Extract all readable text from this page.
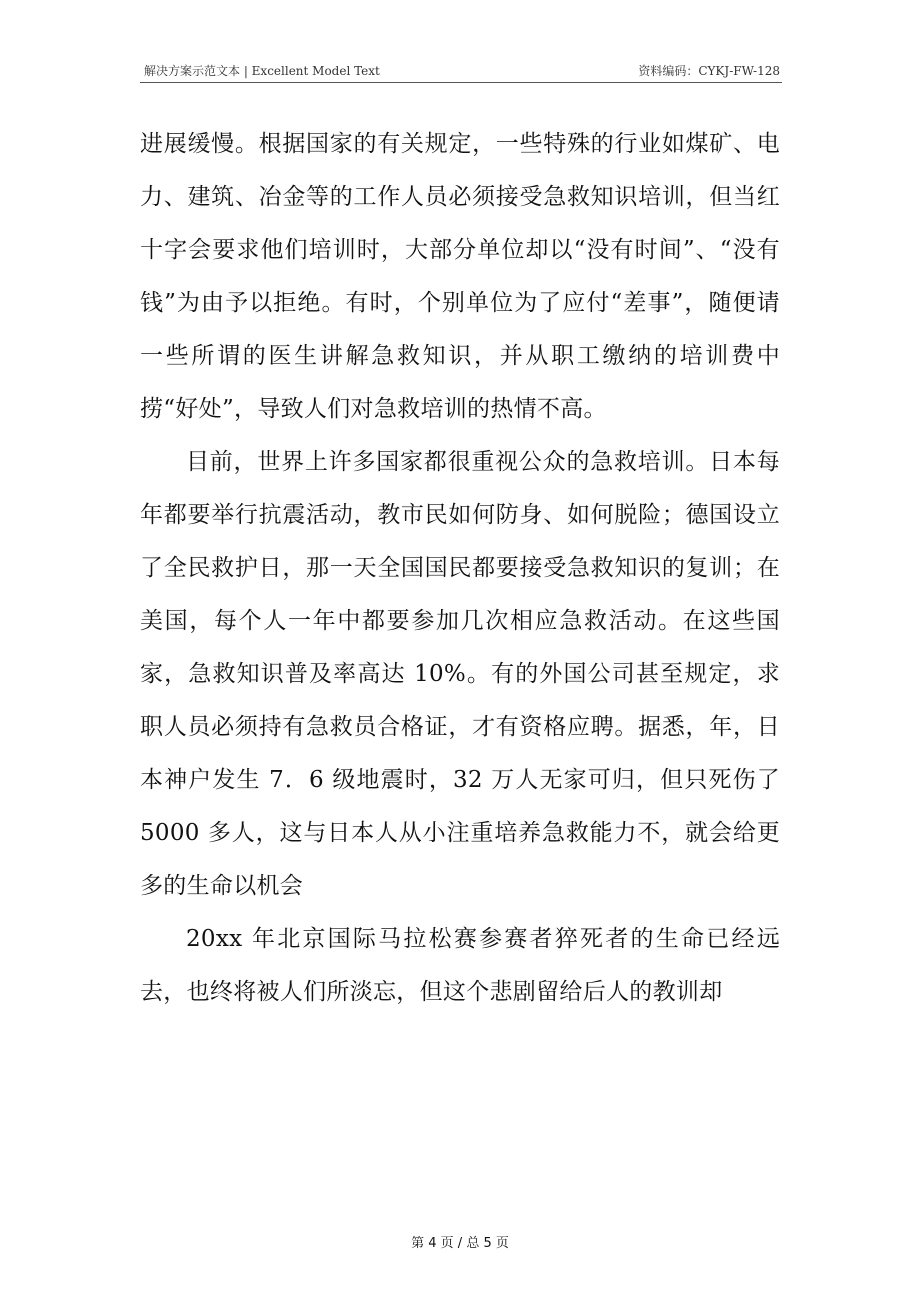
解决方案示范文本 | Excellent Model Text	资料编码：CYKJ-FW-128

进展缓慢。根据国家的有关规定，一些特殊的行业如煤矿、电力、建筑、冶金等的工作人员必须接受急救知识培训，但当红十字会要求他们培训时，大部分单位却以“没有时间”、“没有钱”为由予以拒绝。有时，个别单位为了应付“差事”，随便请一些所谓的医生讲解急救知识，并从职工缴纳的培训费中捞“好处”，导致人们对急救培训的热情不高。

目前，世界上许多国家都很重视公众的急救培训。日本每年都要举行抗震活动，教市民如何防身、如何脱险；德国设立了全民救护日，那一天全国国民都要接受急救知识的复训；在美国，每个人一年中都要参加几次相应急救活动。在这些国家，急救知识普及率高达 10%。有的外国公司甚至规定，求职人员必须持有急救员合格证，才有资格应聘。据悉，年，日本神户发生 7．6 级地震时，32 万人无家可归，但只死伤了 5000 多人，这与日本人从小注重培养急救能力不，就会给更多的生命以机会

20xx 年北京国际马拉松赛参赛者猝死者的生命已经远去，也终将被人们所淡忘，但这个悲剧留给后人的教训却

第 4 页 / 总 5 页
